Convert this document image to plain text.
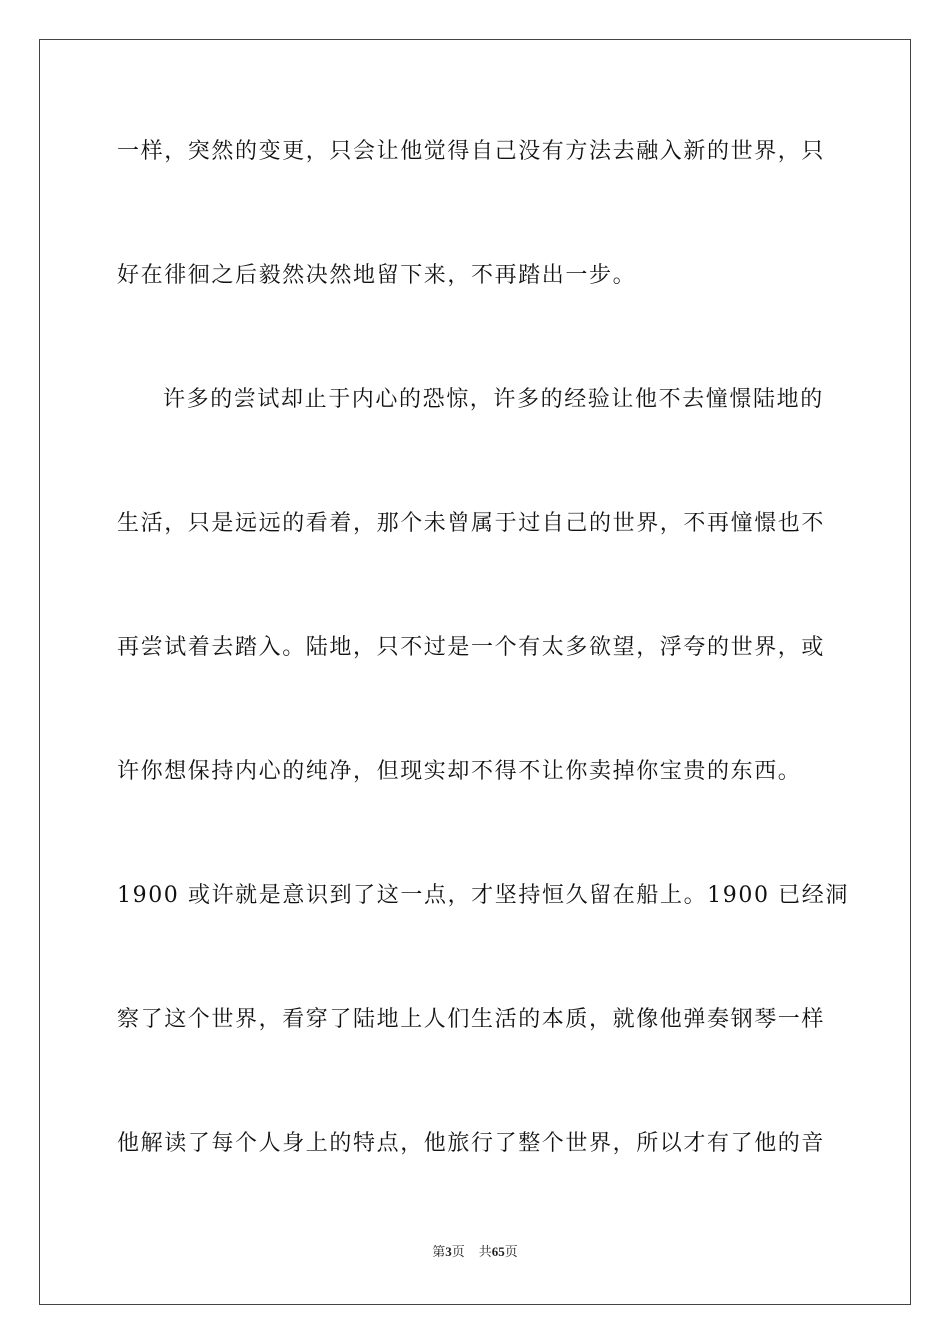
一样，突然的变更，只会让他觉得自己没有方法去融入新的世界，只
好在徘徊之后毅然决然地留下来，不再踏出一步。
许多的尝试却止于内心的恐惊，许多的经验让他不去憧憬陆地的
生活，只是远远的看着，那个未曾属于过自己的世界，不再憧憬也不
再尝试着去踏入。陆地，只不过是一个有太多欲望，浮夸的世界，或
许你想保持内心的纯净，但现实却不得不让你卖掉你宝贵的东西。
1900 或许就是意识到了这一点，才坚持恒久留在船上。1900 已经洞
察了这个世界，看穿了陆地上人们生活的本质，就像他弹奏钢琴一样
他解读了每个人身上的特点，他旅行了整个世界，所以才有了他的音
第3页 共65页
